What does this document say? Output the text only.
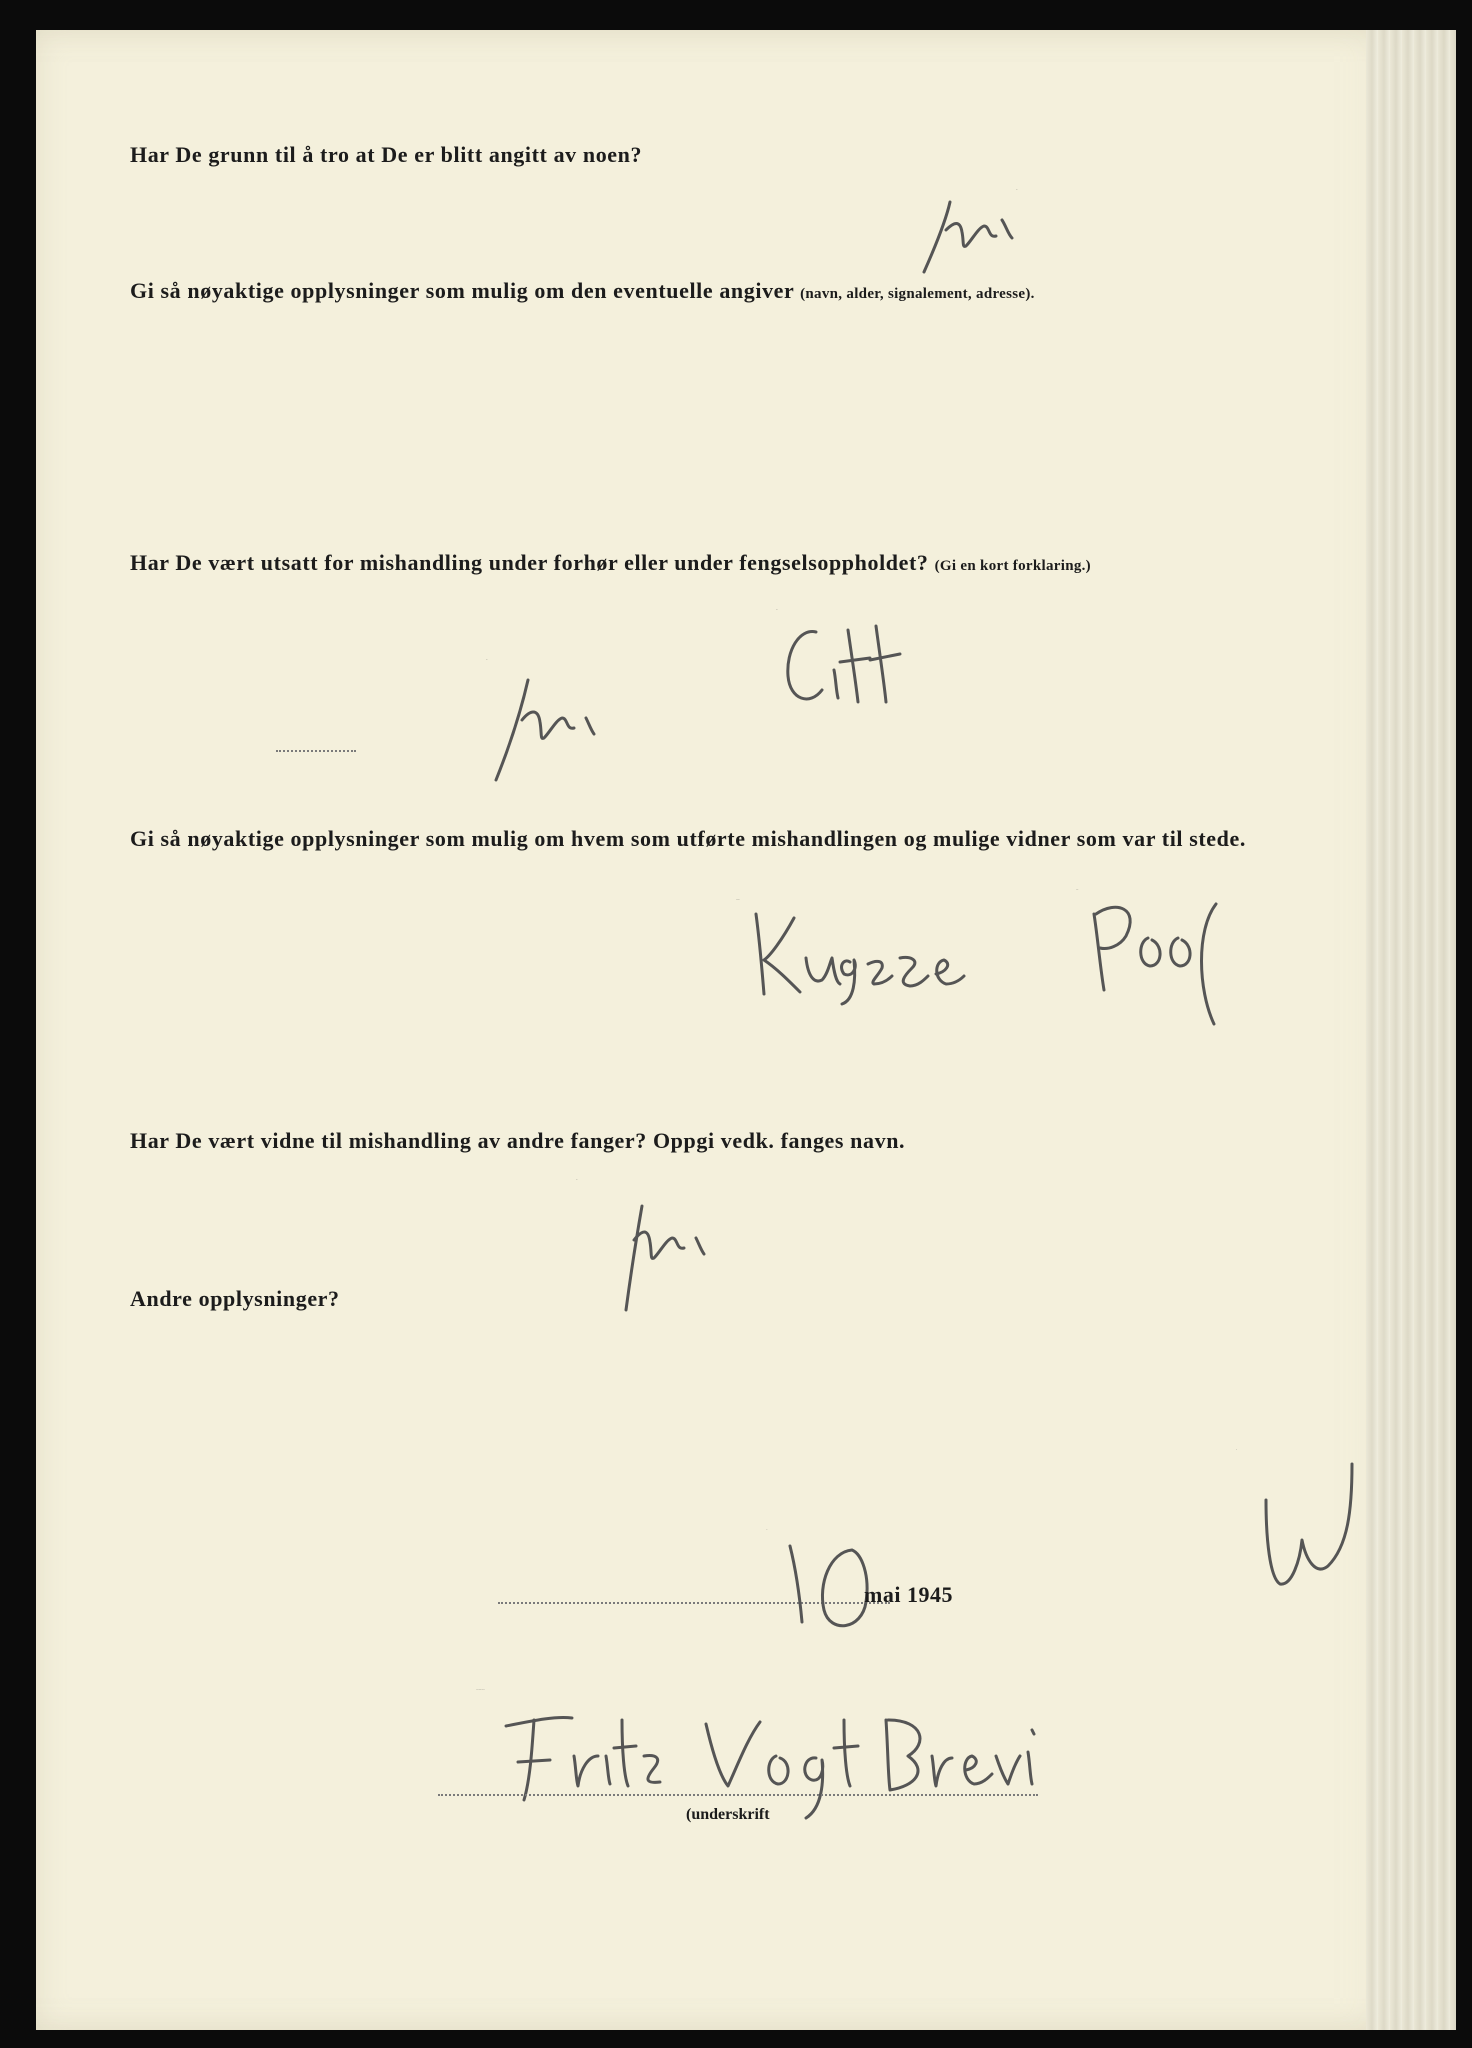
Har De grunn til å tro at De er blitt angitt av noen?
nei
Gi så nøyaktige opplysninger som mulig om den eventuelle angiver (navn, alder, signalement, adresse).
Har De vært utsatt for mishandling under forhør eller under fengselsoppholdet? (Gi en kort forklaring.)
nei
Gift
Gi så nøyaktige opplysninger som mulig om hvem som utførte mishandlingen og mulige vidner som var til stede.
Kugaze
Pool
Har De vært vidne til mishandling av andre fanger? Oppgi vedk. fanges navn.
nei
Andre opplysninger?
W
10
mai 1945
Fritz Vogt Brevik.
(underskrift
